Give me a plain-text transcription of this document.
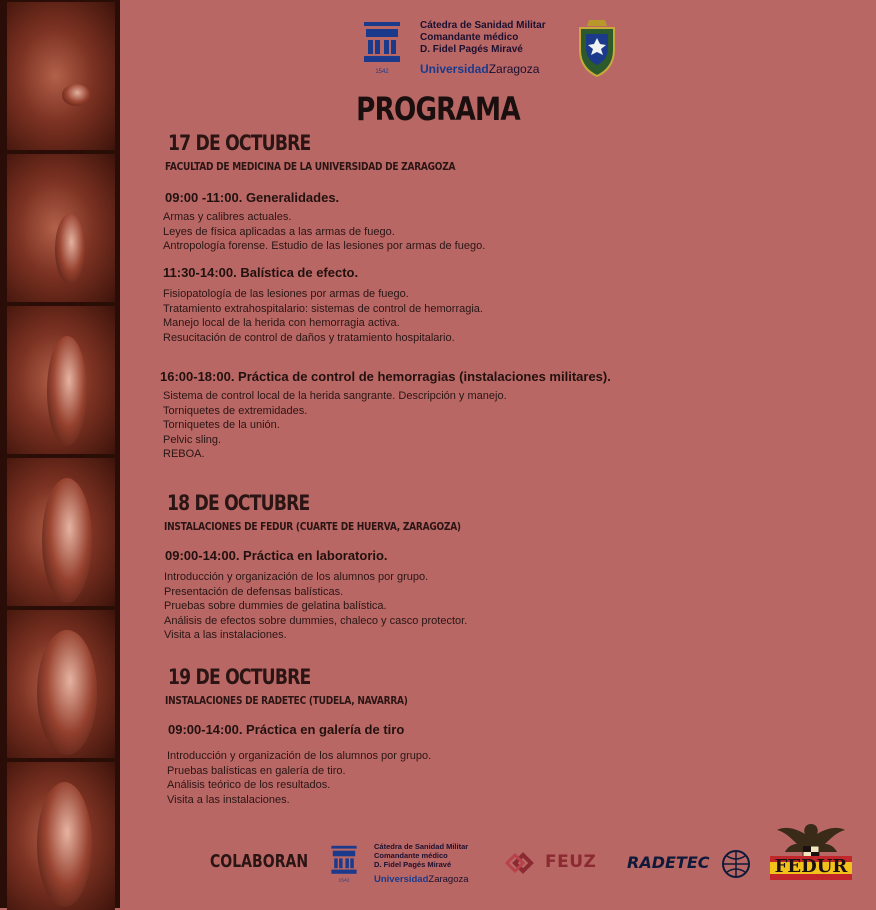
1542
Cátedra de Sanidad Militar
Comandante médico
D. Fidel Pagés Miravé
UniversidadZaragoza
PROGRAMA
17 DE OCTUBRE
FACULTAD DE MEDICINA DE LA UNIVERSIDAD DE ZARAGOZA
09:00 -11:00. Generalidades.
Armas y calibres actuales.
Leyes de física aplicadas a las armas de fuego.
Antropología forense. Estudio de las lesiones por armas de fuego.
11:30-14:00. Balística de efecto.
Fisiopatología de las lesiones por armas de fuego.
Tratamiento extrahospitalario: sistemas de control de hemorragia.
Manejo local de la herida con hemorragia activa.
Resucitación de control de daños y tratamiento hospitalario.
16:00-18:00. Práctica de control de hemorragias (instalaciones militares).
Sistema de control local de la herida sangrante. Descripción y manejo.
Torniquetes de extremidades.
Torniquetes de la unión.
Pelvic sling.
REBOA.
18 DE OCTUBRE
INSTALACIONES DE FEDUR (CUARTE DE HUERVA, ZARAGOZA)
09:00-14:00. Práctica en laboratorio.
Introducción y organización de los alumnos por grupo.
Presentación de defensas balísticas.
Pruebas sobre dummies de gelatina balística.
Análisis de efectos sobre dummies, chaleco y casco protector.
Visita a las instalaciones.
19 DE OCTUBRE
INSTALACIONES DE RADETEC (TUDELA, NAVARRA)
09:00-14:00. Práctica en galería de tiro
Introducción y organización de los alumnos por grupo.
Pruebas balísticas en galería de tiro.
Análisis teórico de los resultados.
Visita a las instalaciones.
COLABORAN
1542
Cátedra de Sanidad Militar
Comandante médico
D. Fidel Pagés Miravé
UniversidadZaragoza
FEUZ RADETEC	FEDUR
